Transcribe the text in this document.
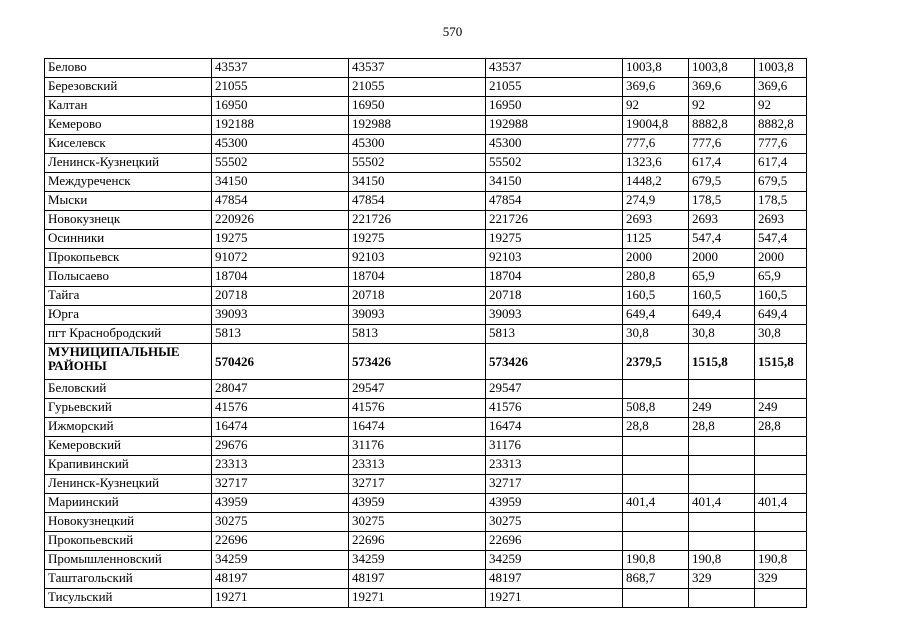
570
Белово	43537	43537	43537	1003,8	1003,8	1003,8
Березовский	21055	21055	21055	369,6	369,6	369,6
Калтан	16950	16950	16950	92	92	92
Кемерово	192188	192988	192988	19004,8	8882,8	8882,8
Киселевск	45300	45300	45300	777,6	777,6	777,6
Ленинск-Кузнецкий	55502	55502	55502	1323,6	617,4	617,4
Междуреченск	34150	34150	34150	1448,2	679,5	679,5
Мыски	47854	47854	47854	274,9	178,5	178,5
Новокузнецк	220926	221726	221726	2693	2693	2693
Осинники	19275	19275	19275	1125	547,4	547,4
Прокопьевск	91072	92103	92103	2000	2000	2000
Полысаево	18704	18704	18704	280,8	65,9	65,9
Тайга	20718	20718	20718	160,5	160,5	160,5
Юрга	39093	39093	39093	649,4	649,4	649,4
пгт Краснобродский	5813	5813	5813	30,8	30,8	30,8
МУНИЦИПАЛЬНЫЕ РАЙОНЫ	570426	573426	573426	2379,5	1515,8	1515,8
Беловский	28047	29547	29547			
Гурьевский	41576	41576	41576	508,8	249	249
Ижморский	16474	16474	16474	28,8	28,8	28,8
Кемеровский	29676	31176	31176			
Крапивинский	23313	23313	23313			
Ленинск-Кузнецкий	32717	32717	32717			
Мариинский	43959	43959	43959	401,4	401,4	401,4
Новокузнецкий	30275	30275	30275			
Прокопьевский	22696	22696	22696			
Промышленновский	34259	34259	34259	190,8	190,8	190,8
Таштагольский	48197	48197	48197	868,7	329	329
Тисульский	19271	19271	19271			
